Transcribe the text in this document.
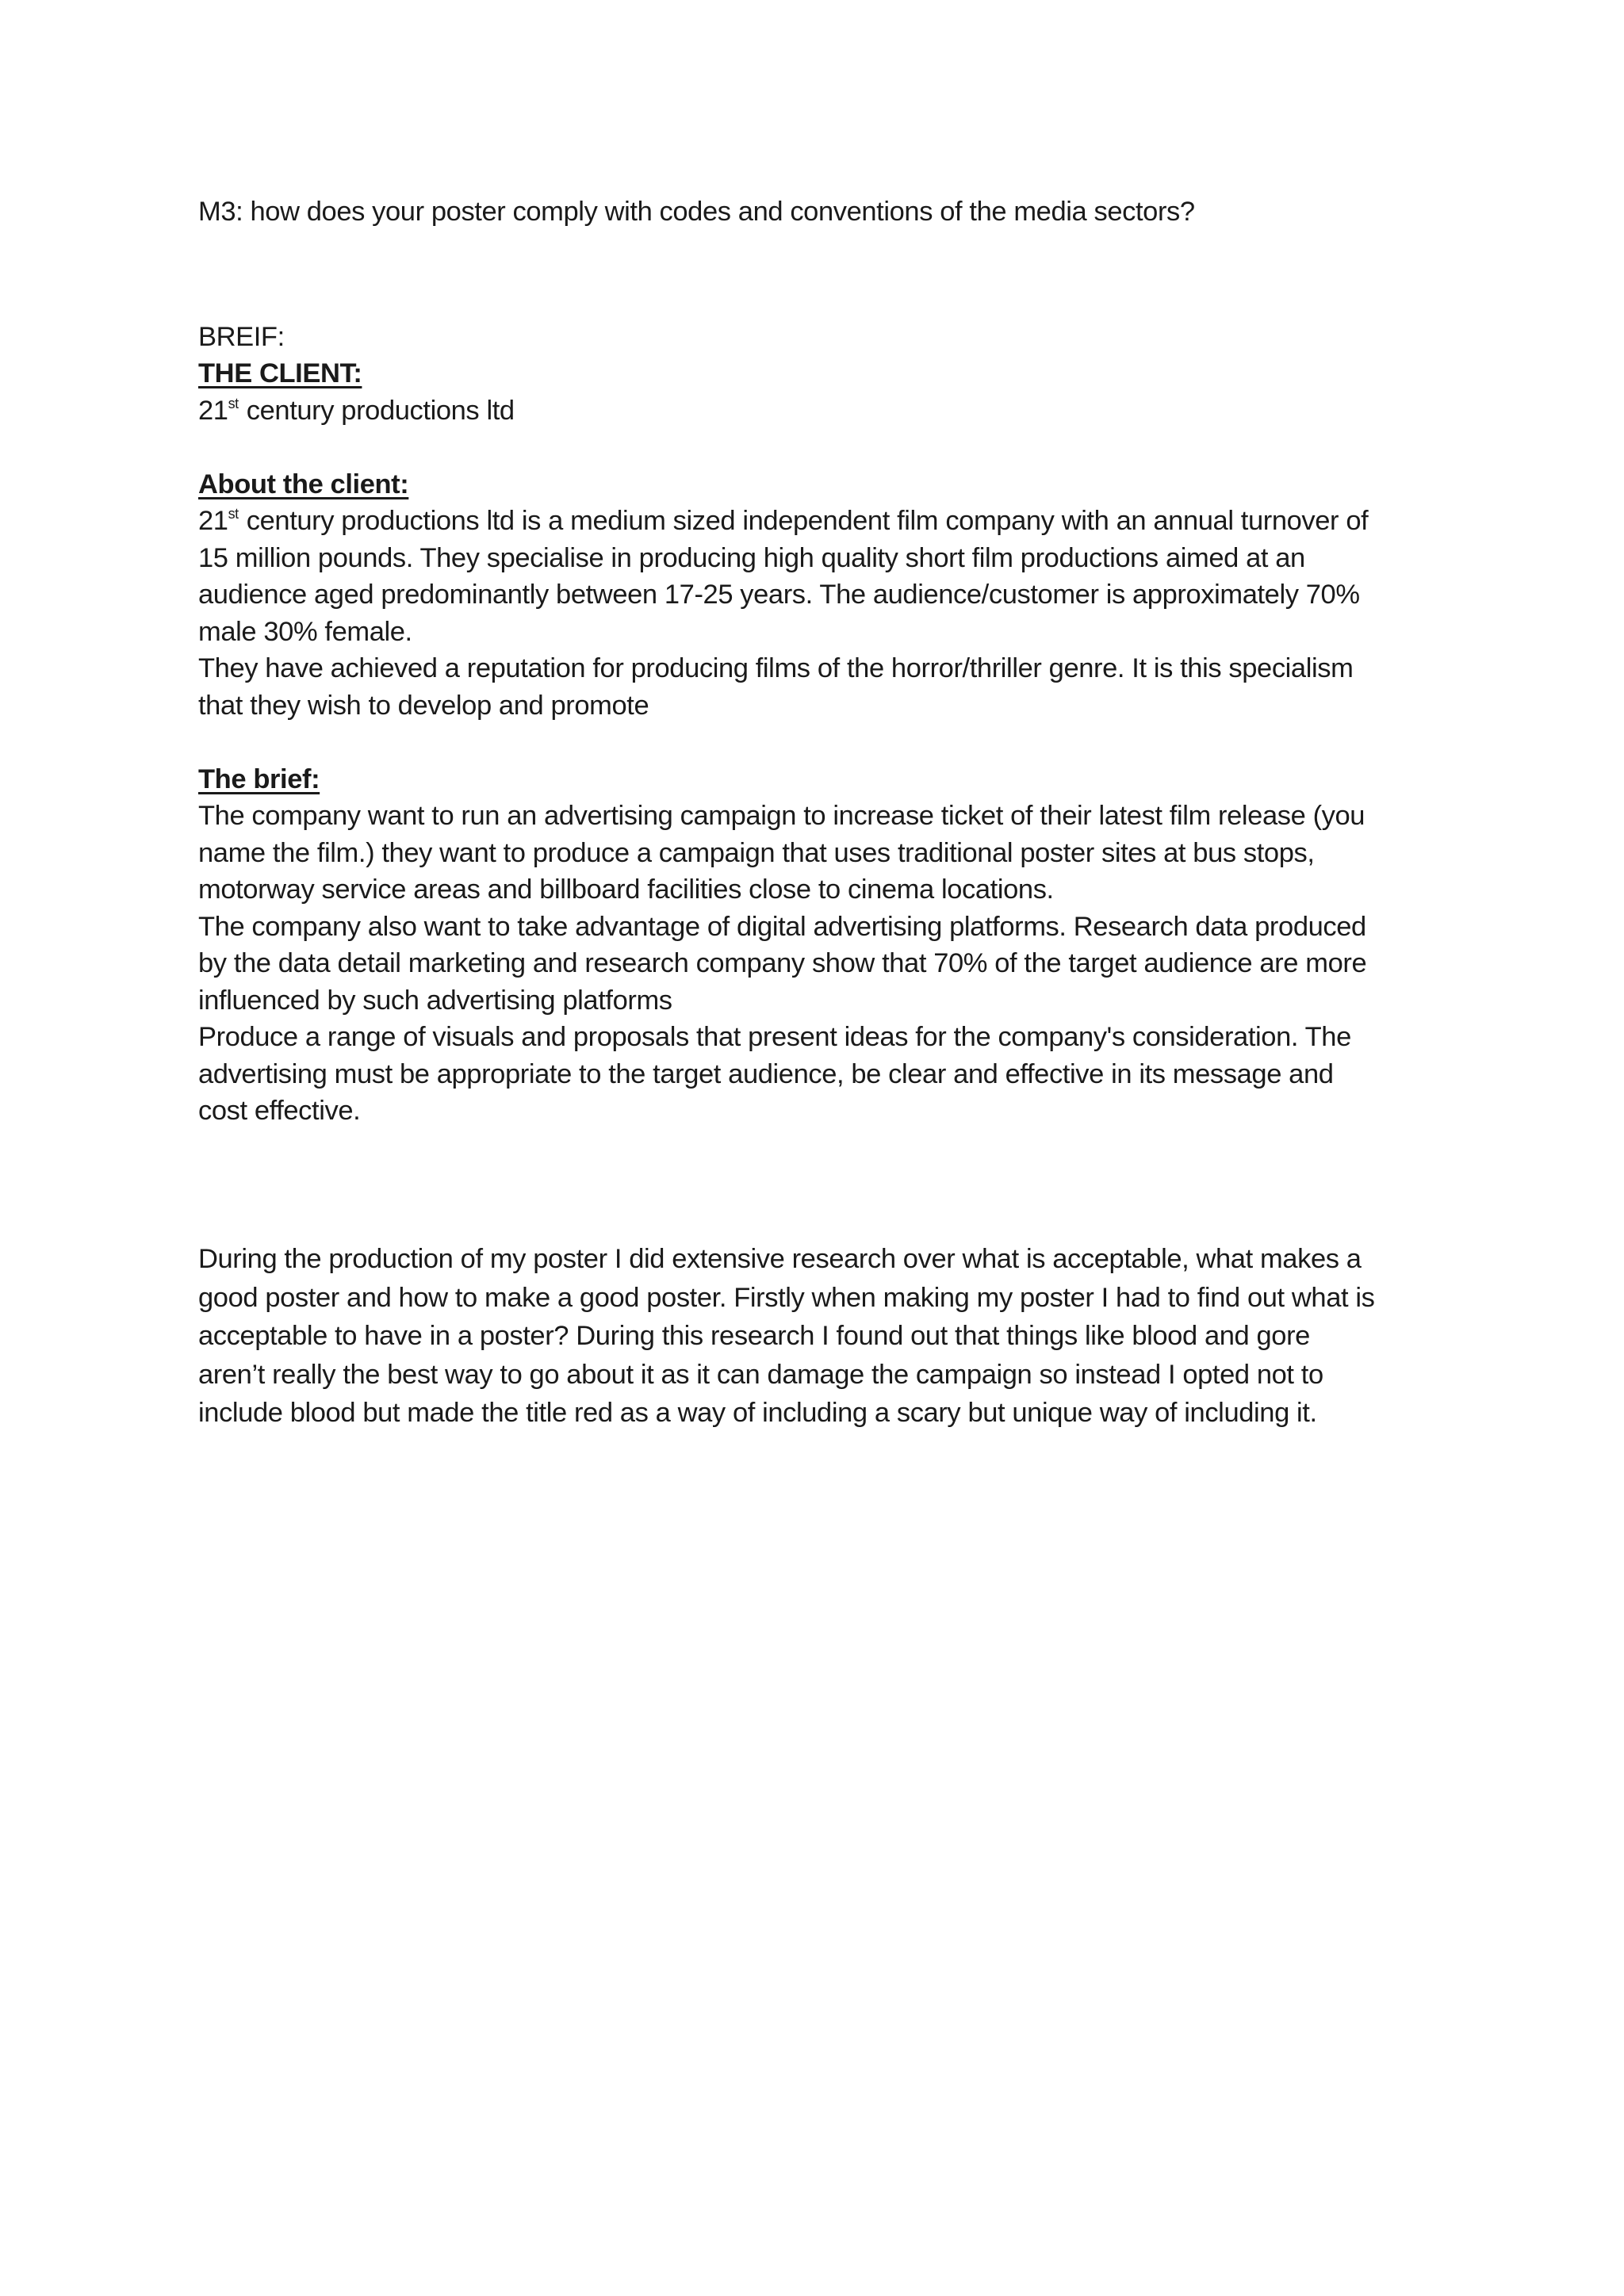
M3: how does your poster comply with codes and conventions of the media sectors?
BREIF:
THE CLIENT:
21st century productions ltd
About the client:
21st century productions ltd is a medium sized independent film company with an annual turnover of
15 million pounds. They specialise in producing high quality short film productions aimed at an
audience aged predominantly between 17-25 years. The audience/customer is approximately 70%
male 30% female.
They have achieved a reputation for producing films of the horror/thriller genre. It is this specialism
that they wish to develop and promote
The brief:
The company want to run an advertising campaign to increase ticket of their latest film release (you
name the film.) they want to produce a campaign that uses traditional poster sites at bus stops,
motorway service areas and billboard facilities close to cinema locations.
The company also want to take advantage of digital advertising platforms. Research data produced
by the data detail marketing and research company show that 70% of the target audience are more
influenced by such advertising platforms
Produce a range of visuals and proposals that present ideas for the company's consideration. The
advertising must be appropriate to the target audience, be clear and effective in its message and
cost effective.
During the production of my poster I did extensive research over what is acceptable, what makes a
good poster and how to make a good poster. Firstly when making my poster I had to find out what is
acceptable to have in a poster? During this research I found out that things like blood and gore
aren’t really the best way to go about it as it can damage the campaign so instead I opted not to
include blood but made the title red as a way of including a scary but unique way of including it.
